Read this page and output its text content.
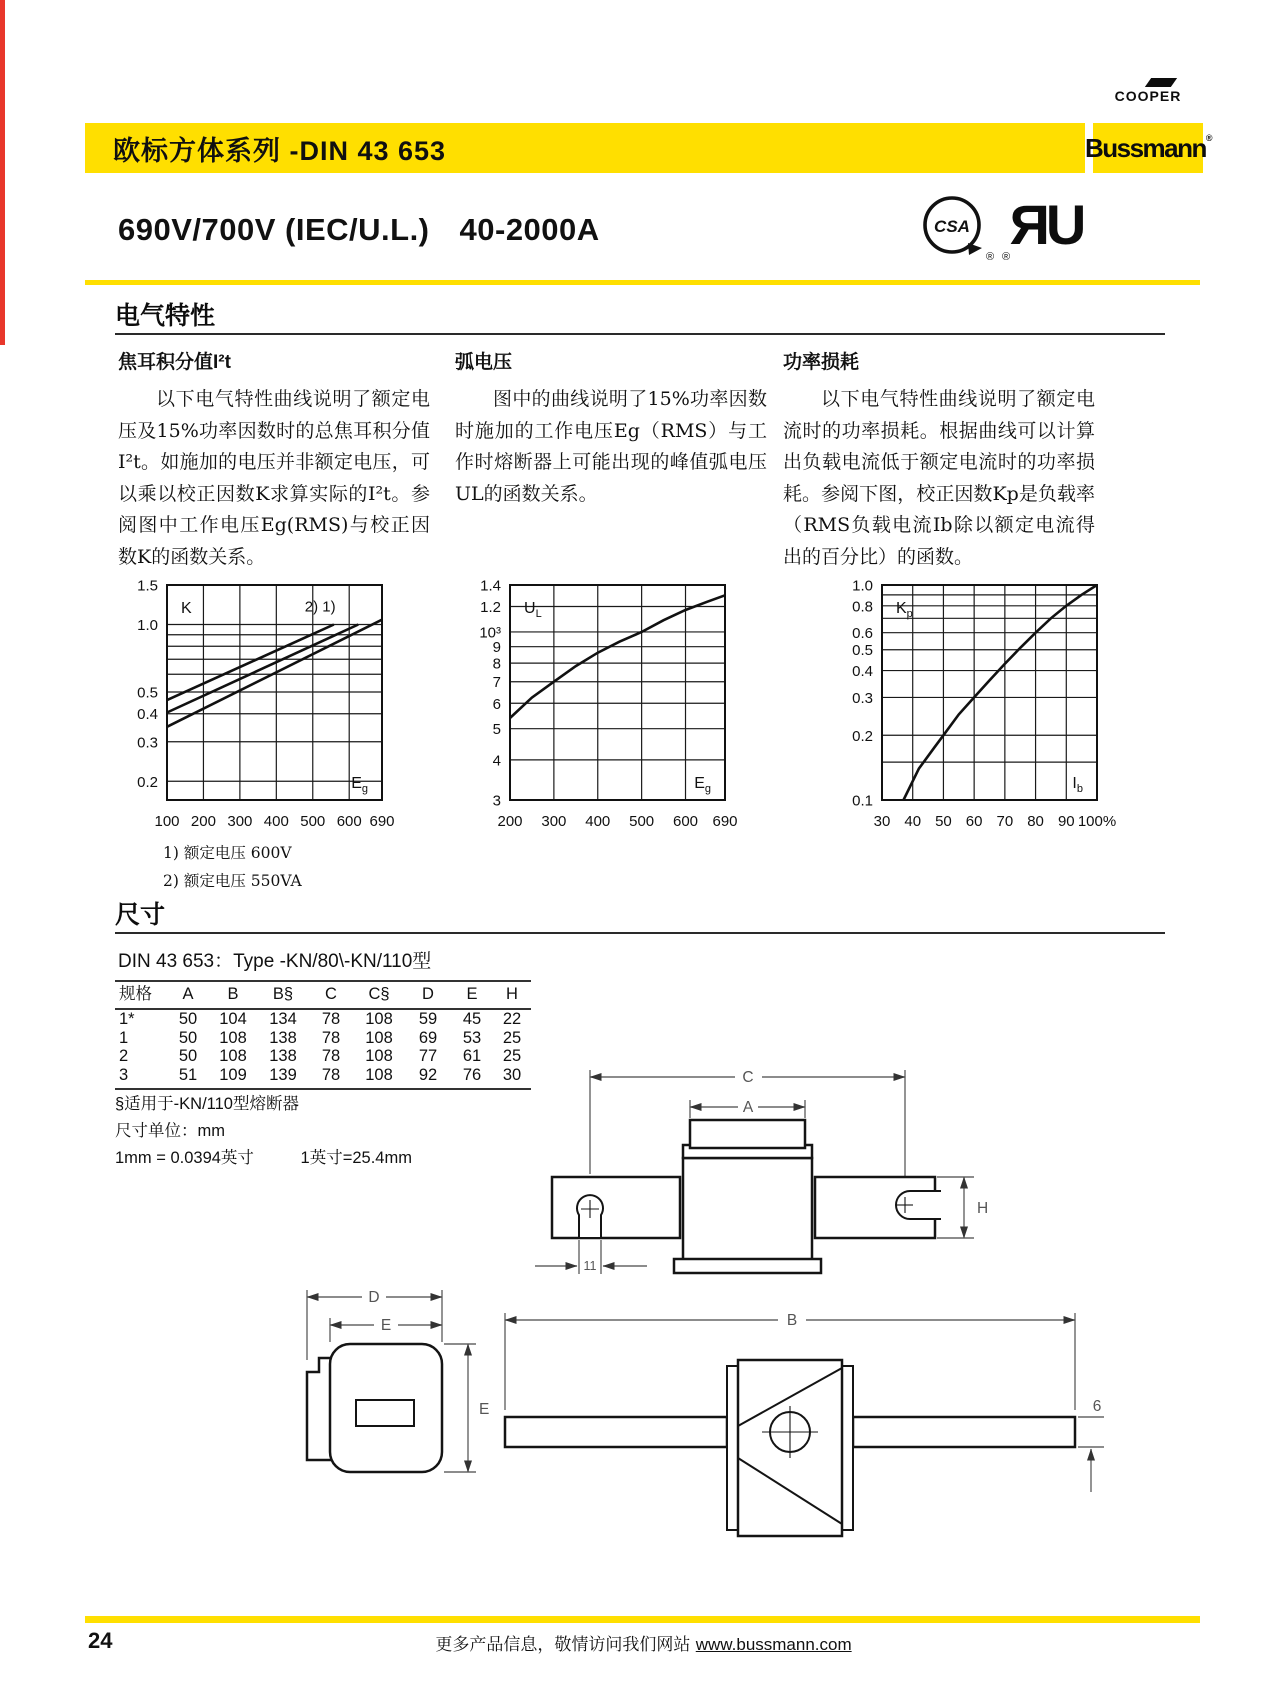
COOPER
欧标方体系列 -DIN 43 653	Bussmann®
690V/700V (IEC/U.L.) 40-2000A	CSA
®
ЯU
®
电气特性
焦耳积分值I²t
以下电气特性曲线说明了额定电压及15%功率因数时的总焦耳积分值I²t。如施加的电压并非额定电压，可以乘以校正因数K求算实际的I²t。参阅图中工作电压Eg(RMS)与校正因数K的函数关系。
弧电压
图中的曲线说明了15%功率因数时施加的工作电压Eg（RMS）与工作时熔断器上可能出现的峰值弧电压UL的函数关系。
功率损耗
以下电气特性曲线说明了额定电流时的功率损耗。根据曲线可以计算出负载电流低于额定电流时的功率损耗。参阅下图，校正因数Kp是负载率（RMS负载电流Ib除以额定电流得出的百分比）的函数。
1.5
1.0
0.5
0.4
0.3
0.2
100 200 300 400 500 600 690
K
$E_g$
2) 1)
1.4
1.2
10³
9
8
7
6
5
4
3
200 300 400 500 600 690
$U_L$
$E_g$
1.0
0.8
0.6
0.5
0.4
0.3
0.2
0.1
30 40 50 60 70 80 90 100%
$K_p$
$I_b$
1) 额定电压 600V
2) 额定电压 550VA
尺寸
DIN 43 653：Type -KN/80\-KN/110型
规格	A	B	B§	C	C§	D	E	H
1*	50	104	134	78	108	59	45	22
1	50	108	138	78	108	69	53	25
2	50	108	138	78	108	77	61	25
3	51	109	139	78	108	92	76	30
§适用于-KN/110型熔断器
尺寸单位：mm
1mm = 0.0394英寸	1英寸=25.4mm
C
A
H
11
D
E
E
B
6
24	更多产品信息，敬情访问我们网站 www.bussmann.com
